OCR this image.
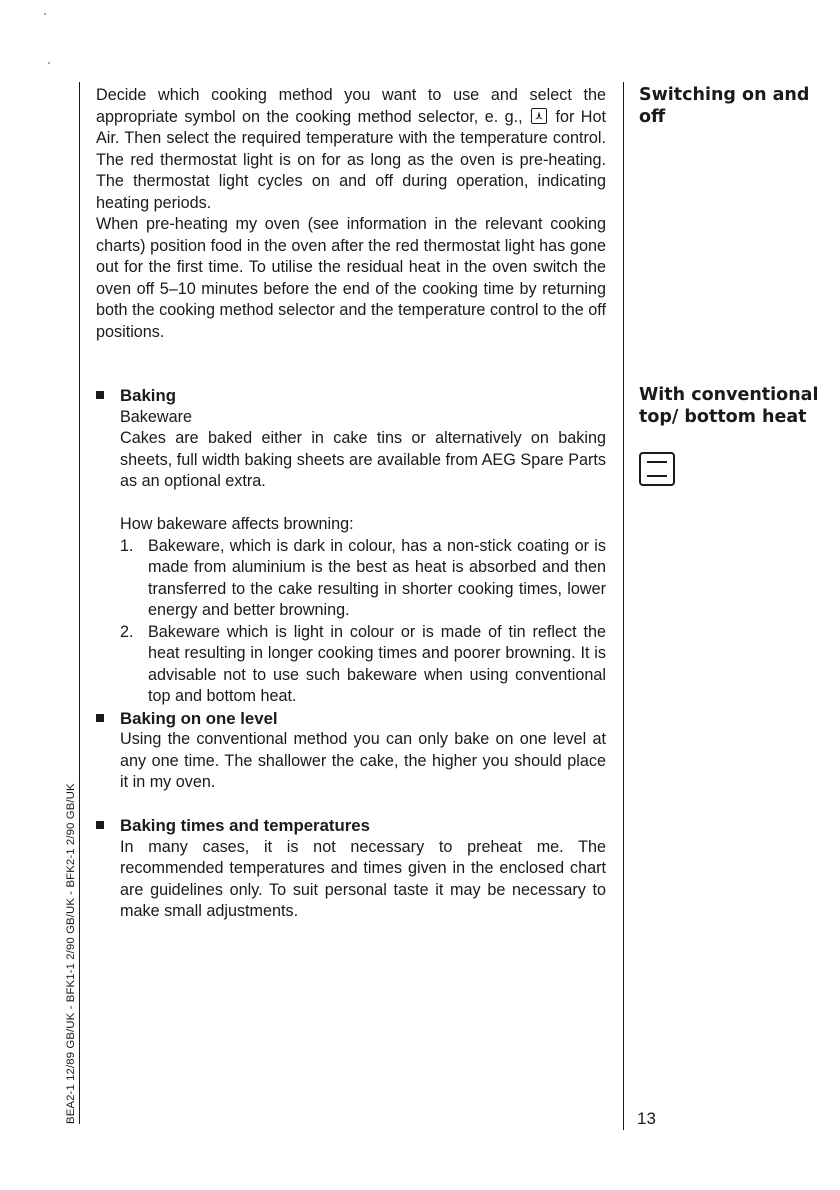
Decide which cooking method you want to use and select the appropriate symbol on the cooking method selector, e. g.,
for Hot Air. Then select the required temperature with the temperature control. The red thermostat light is on for as long as the oven is pre-heating. The thermostat light cycles on and off during operation, indicating heating periods.

When pre-heating my oven (see information in the relevant cooking charts) position food in the oven after the red thermostat light has gone out for the first time. To utilise the residual heat in the oven switch the oven off 5–10 minutes before the end of the cooking time by returning both the cooking method selector and the temperature control to the off positions.

Switching on and off
With conventional top/ bottom heat
Baking

Bakeware

Cakes are baked either in cake tins or alternatively on baking sheets, full width baking sheets are available from AEG Spare Parts as an optional extra.

How bakeware affects browning:

1. Bakeware, which is dark in colour, has a non-stick coating or is made from aluminium is the best as heat is absorbed and then transferred to the cake resulting in shorter cooking times, lower energy and better browning.
2. Bakeware which is light in colour or is made of tin reflect the heat resulting in longer cooking times and poorer browning. It is advisable not to use such bakeware when using conventional top and bottom heat.
Baking on one level

Using the conventional method you can only bake on one level at any one time. The shallower the cake, the higher you should place it in my oven.

Baking times and temperatures

In many cases, it is not necessary to preheat me. The recommended temperatures and times given in the enclosed chart are guidelines only. To suit personal taste it may be necessary to make small adjustments.

BEA2-1 12/89 GB/UK - BFK1-1 2/90 GB/UK - BFK2-1 2/90 GB/UK	13
